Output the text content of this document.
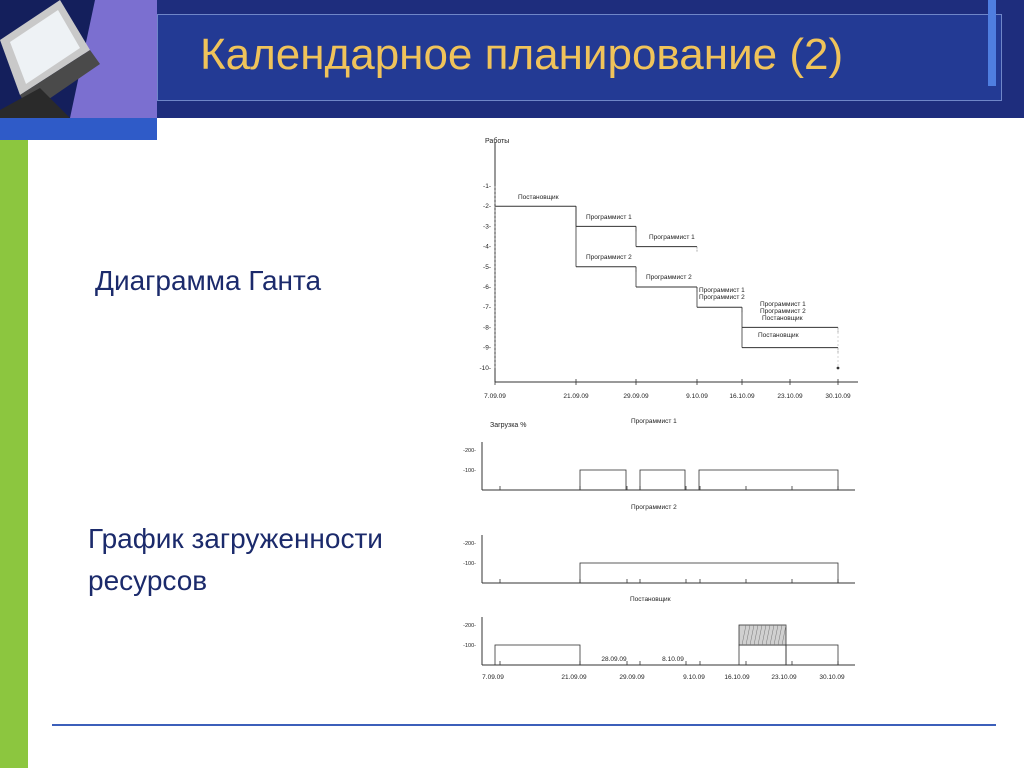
Календарное планирование (2)
Диаграмма Ганта
График загруженности
ресурсов
Работы
-1-
-2-
-3-
-4-
-5-
-6-
-7-
-8-
-9-
-10-
7.09.09	21.09.09	29.09.09	9.10.09	16.10.09	23.10.09	30.10.09
Постановщик
Программист 1
Программист 1
Программист 2
Программист 2
Программист 1
Программист 2
Программист 1
Программист 2
Постановщик
Постановщик
Загрузка %
Программист 1
-200-
-100-
Программист 2
-200-
-100-
Постановщик
-200-
-100-
28.09.09	8.10.09
7.09.09	21.09.09	29.09.09	9.10.09	16.10.09	23.10.09	30.10.09
